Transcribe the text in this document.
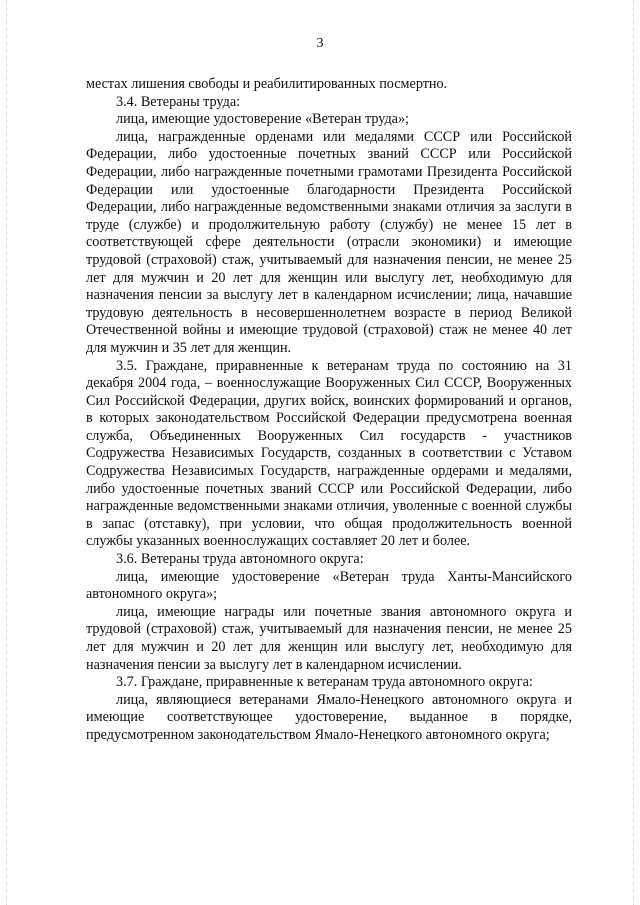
3

местах лишения свободы и реабилитированных посмертно.

3.4. Ветераны труда:

лица, имеющие удостоверение «Ветеран труда»;

лица, награжденные орденами или медалями СССР или Российской Федерации, либо удостоенные почетных званий СССР или Российской Федерации, либо награжденные почетными грамотами Президента Российской Федерации или удостоенные благодарности Президента Российской Федерации, либо награжденные ведомственными знаками отличия за заслуги в труде (службе) и продолжительную работу (службу) не менее 15 лет в соответствующей сфере деятельности (отрасли экономики) и имеющие трудовой (страховой) стаж, учитываемый для назначения пенсии, не менее 25 лет для мужчин и 20 лет для женщин или выслугу лет, необходимую для назначения пенсии за выслугу лет в календарном исчислении; лица, начавшие трудовую деятельность в несовершеннолетнем возрасте в период Великой Отечественной войны и имеющие трудовой (страховой) стаж не менее 40 лет для мужчин и 35 лет для женщин.

3.5. Граждане, приравненные к ветеранам труда по состоянию на 31 декабря 2004 года, – военнослужащие Вооруженных Сил СССР, Вооруженных Сил Российской Федерации, других войск, воинских формирований и органов, в которых законодательством Российской Федерации предусмотрена военная служба, Объединенных Вооруженных Сил государств - участников Содружества Независимых Государств, созданных в соответствии с Уставом Содружества Независимых Государств, награжденные ордерами и медалями, либо удостоенные почетных званий СССР или Российской Федерации, либо награжденные ведомственными знаками отличия, уволенные с военной службы в запас (отставку), при условии, что общая продолжительность военной службы указанных военнослужащих составляет 20 лет и более.

3.6. Ветераны труда автономного округа:

лица, имеющие удостоверение «Ветеран труда Ханты-Мансийского автономного округа»;

лица, имеющие награды или почетные звания автономного округа и трудовой (страховой) стаж, учитываемый для назначения пенсии, не менее 25 лет для мужчин и 20 лет для женщин или выслугу лет, необходимую для назначения пенсии за выслугу лет в календарном исчислении.

3.7. Граждане, приравненные к ветеранам труда автономного округа:

лица, являющиеся ветеранами Ямало-Ненецкого автономного округа и имеющие соответствующее удостоверение, выданное в порядке, предусмотренном законодательством Ямало-Ненецкого автономного округа;
